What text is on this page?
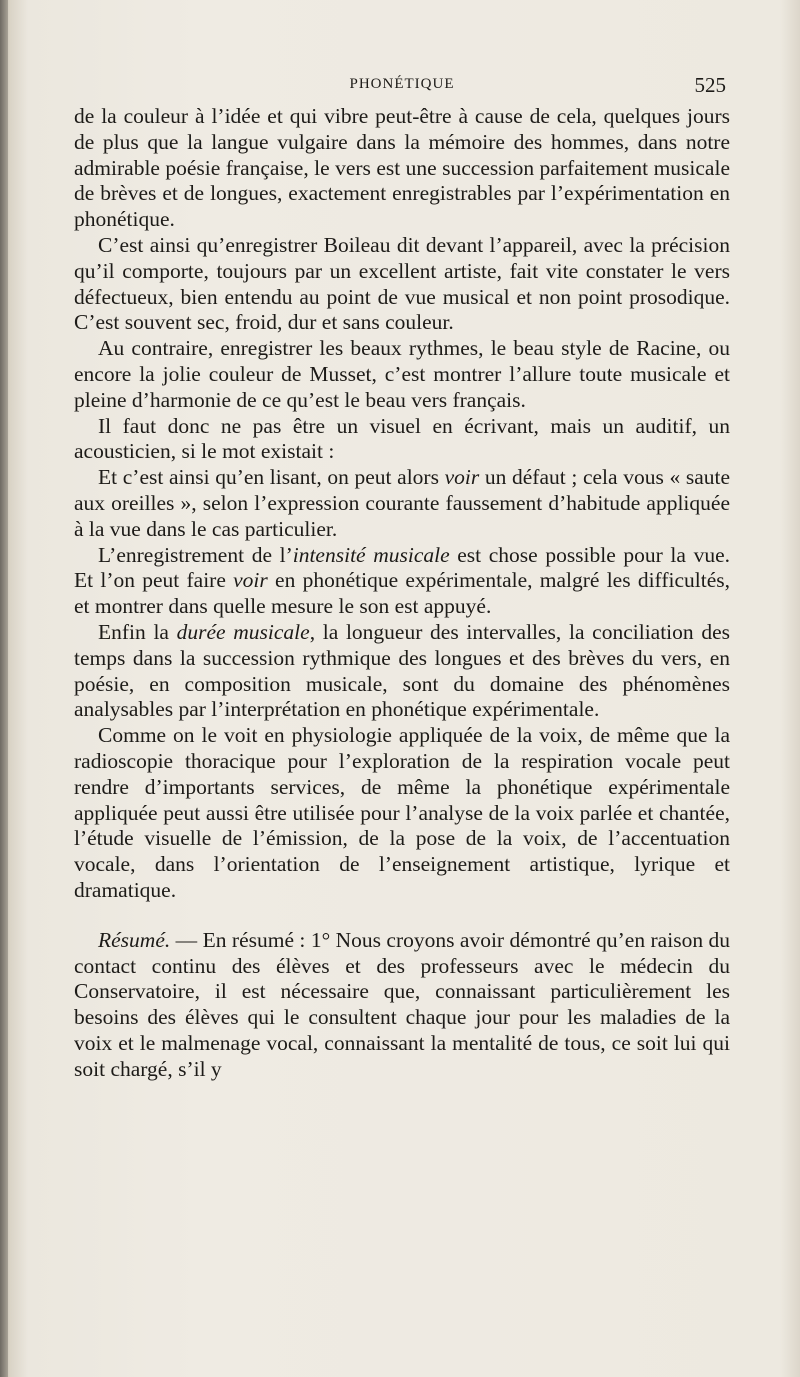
PHONÉTIQUE	525

de la couleur à l’idée et qui vibre peut-être à cause de cela, quelques jours de plus que la langue vulgaire dans la mémoire des hommes, dans notre admirable poésie française, le vers est une succession parfaitement musicale de brèves et de longues, exactement enregistrables par l’expérimentation en phonétique.

C’est ainsi qu’enregistrer Boileau dit devant l’appareil, avec la précision qu’il comporte, toujours par un excellent artiste, fait vite constater le vers défectueux, bien entendu au point de vue musical et non point prosodique. C’est souvent sec, froid, dur et sans couleur.

Au contraire, enregistrer les beaux rythmes, le beau style de Racine, ou encore la jolie couleur de Musset, c’est montrer l’allure toute musicale et pleine d’harmonie de ce qu’est le beau vers français.

Il faut donc ne pas être un visuel en écrivant, mais un auditif, un acousticien, si le mot existait :

Et c’est ainsi qu’en lisant, on peut alors voir un défaut ; cela vous « saute aux oreilles », selon l’expression courante faussement d’habitude appliquée à la vue dans le cas particulier.

L’enregistrement de l’intensité musicale est chose possible pour la vue. Et l’on peut faire voir en phonétique expérimentale, malgré les difficultés, et montrer dans quelle mesure le son est appuyé.

Enfin la durée musicale, la longueur des intervalles, la conciliation des temps dans la succession rythmique des longues et des brèves du vers, en poésie, en composition musicale, sont du domaine des phénomènes analysables par l’interprétation en phonétique expérimentale.

Comme on le voit en physiologie appliquée de la voix, de même que la radioscopie thoracique pour l’exploration de la respiration vocale peut rendre d’importants services, de même la phonétique expérimentale appliquée peut aussi être utilisée pour l’analyse de la voix parlée et chantée, l’étude visuelle de l’émission, de la pose de la voix, de l’accentuation vocale, dans l’orientation de l’enseignement artistique, lyrique et dramatique.

Résumé. — En résumé : 1° Nous croyons avoir démontré qu’en raison du contact continu des élèves et des professeurs avec le médecin du Conservatoire, il est nécessaire que, connaissant particulièrement les besoins des élèves qui le consultent chaque jour pour les maladies de la voix et le malmenage vocal, connaissant la mentalité de tous, ce soit lui qui soit chargé, s’il y
